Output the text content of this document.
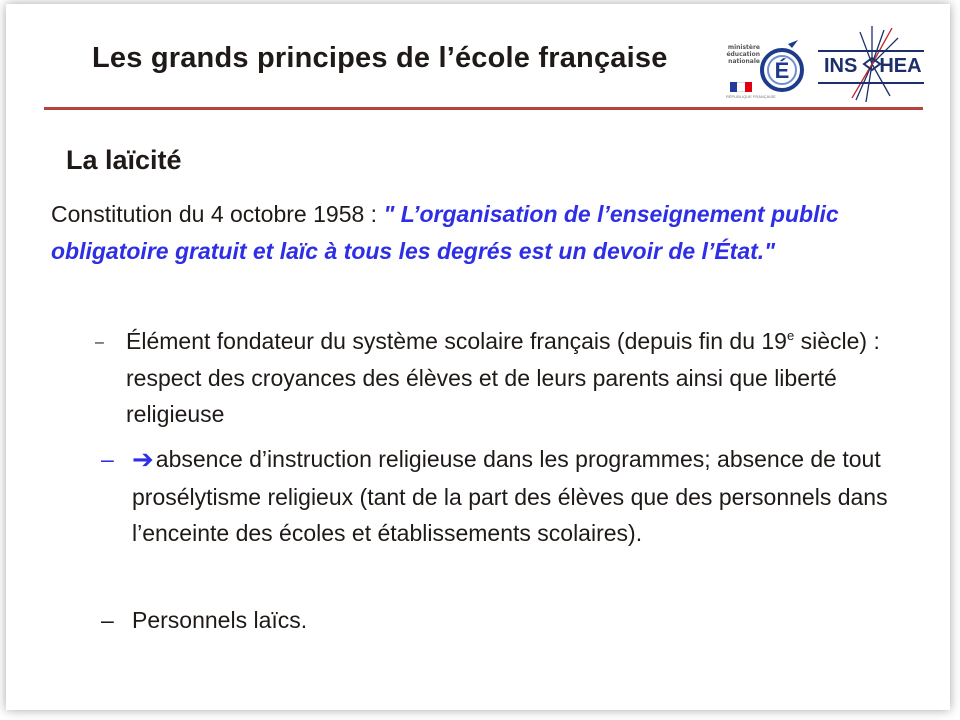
Les grands principes de l’école française	ministère
éducation
nationale É
RÉPUBLIQUE FRANÇAISE
INS HEA
La laïcité
Constitution du 4 octobre 1958 : " L’organisation de l’enseignement public obligatoire gratuit et laïc à tous les degrés est un devoir de l’État."
– Élément fondateur du système scolaire français (depuis fin du 19e siècle) : respect des croyances des élèves et de leurs parents ainsi que liberté religieuse
– ➔absence d’instruction religieuse dans les programmes; absence de tout prosélytisme religieux (tant de la part des élèves que des personnels dans l’enceinte des écoles et établissements scolaires).
– Personnels laïcs.
